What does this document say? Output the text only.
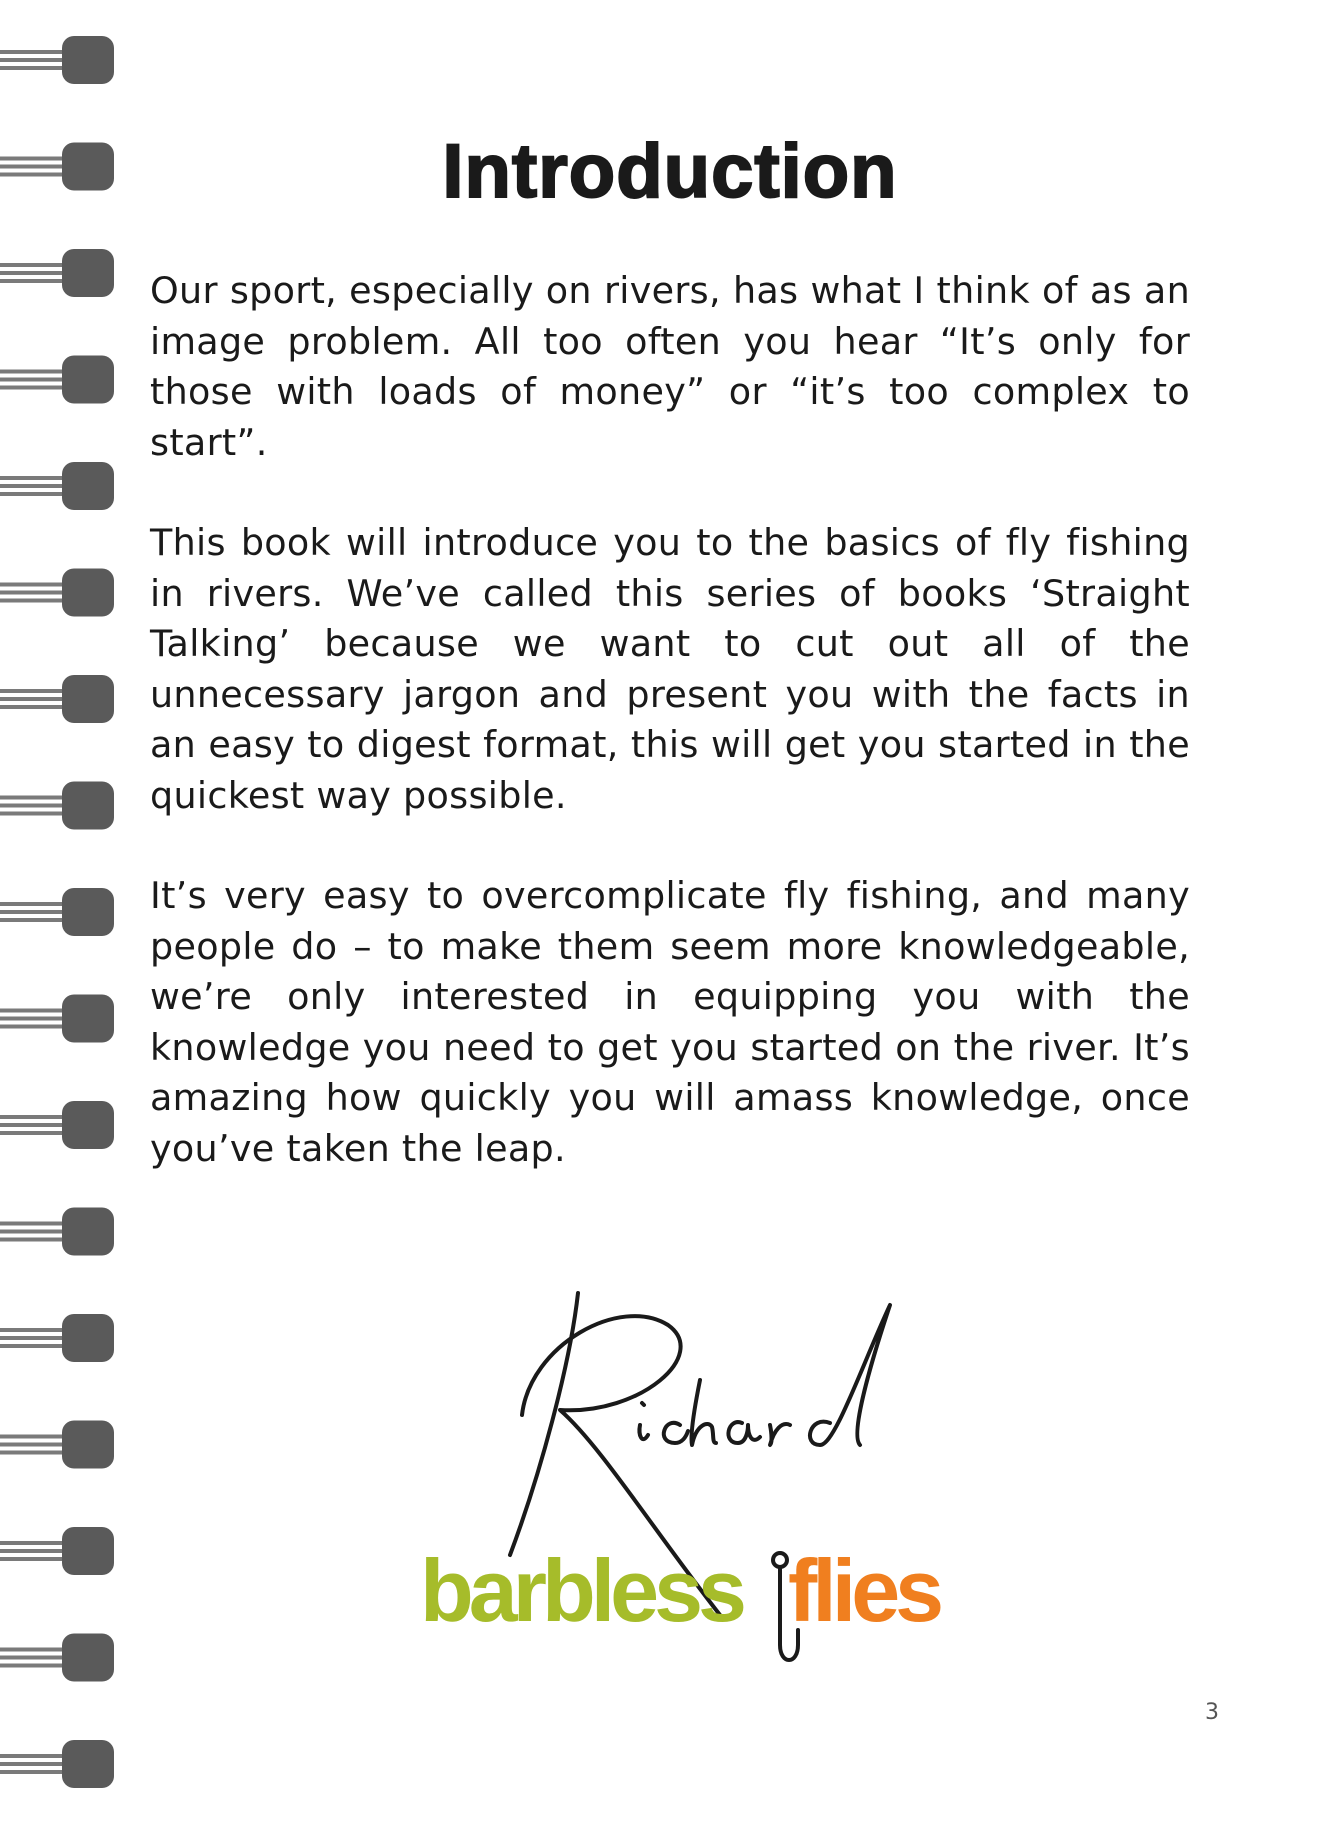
Introduction

Our sport, especially on rivers, has what I think of as an image problem. All too often you hear “It’s only for those with loads of money” or “it’s too complex to start”.

This book will introduce you to the basics of fly fishing in rivers. We’ve called this series of books ‘Straight Talking’ because we want to cut out all of the unnecessary jargon and present you with the facts in an easy to digest format, this will get you started in the quickest way possible.

It’s very easy to overcomplicate fly fishing, and many people do – to make them seem more knowledgeable, we’re only interested in equipping you with the knowledge you need to get you started on the river. It’s amazing how quickly you will amass knowledge, once you’ve taken the leap.

barbless flies
3
